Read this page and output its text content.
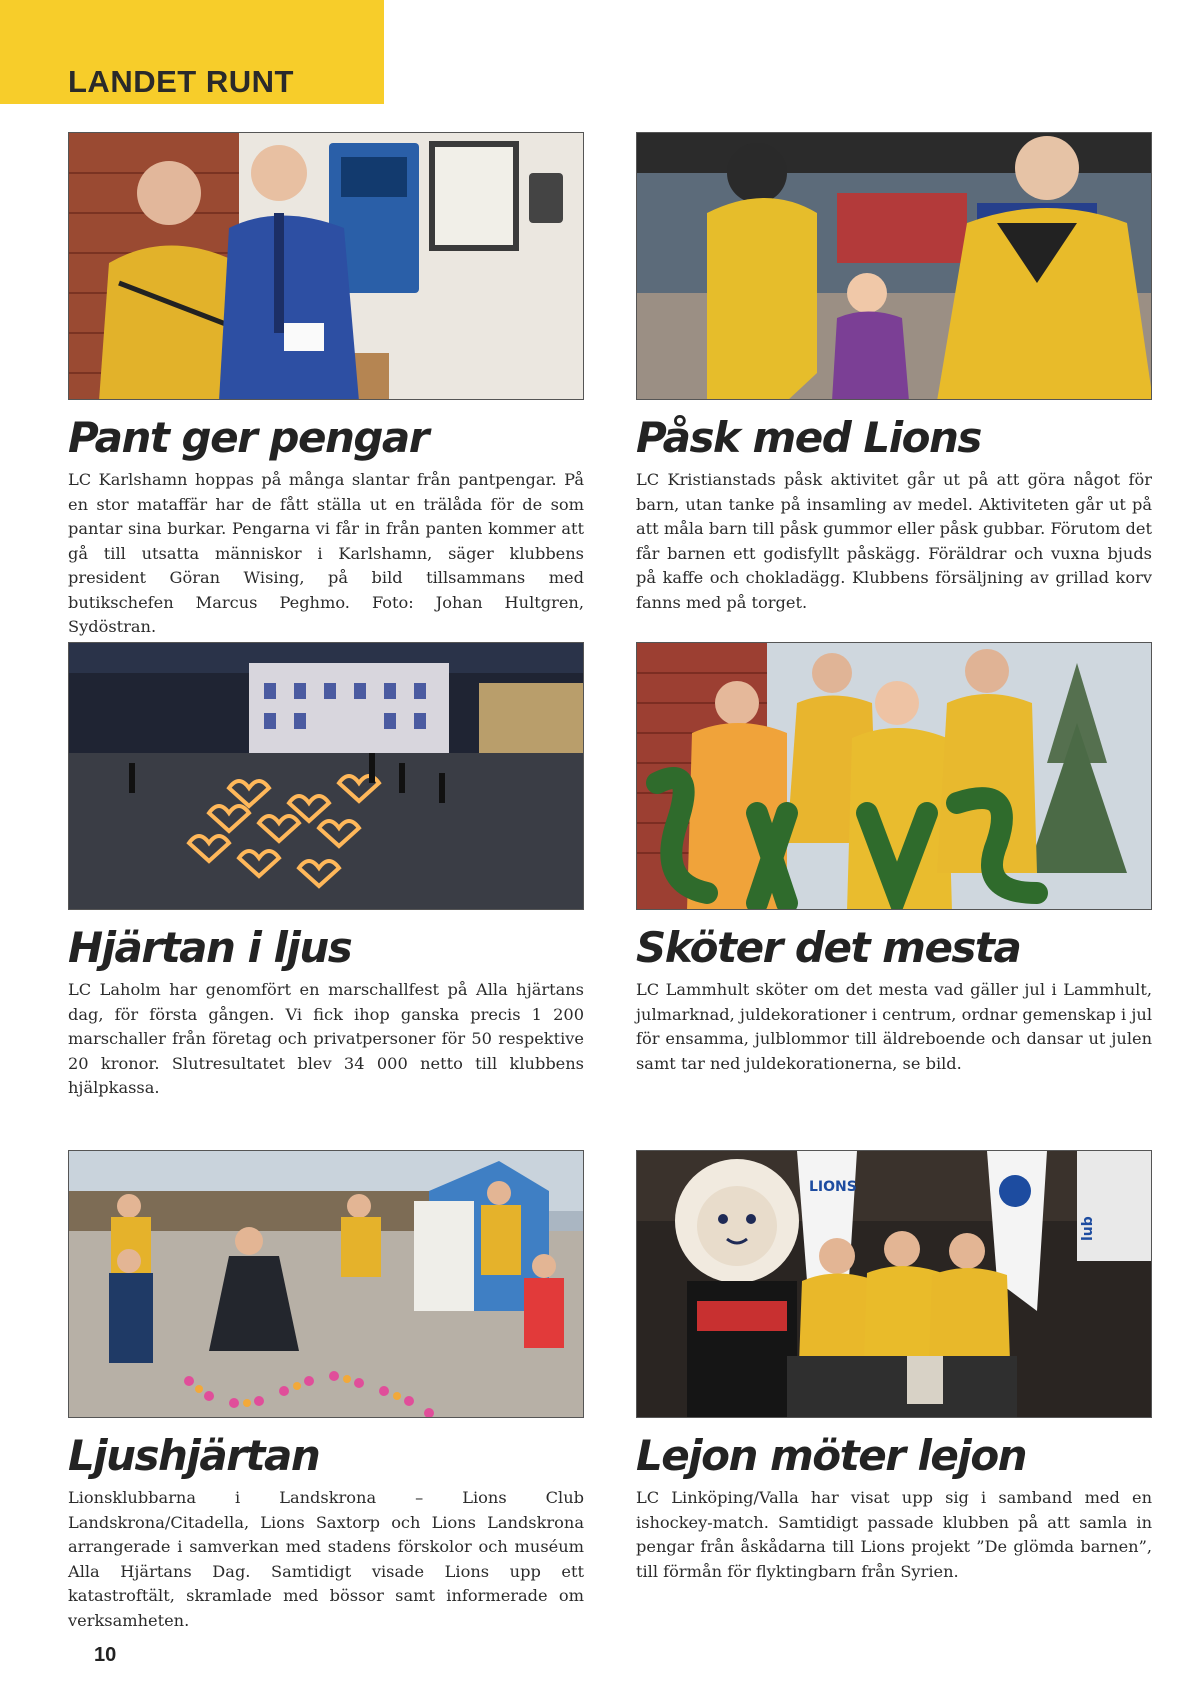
LANDET RUNT
Pant ger pengar

LC Karlshamn hoppas på många slantar från pantpengar. På en stor mataffär har de fått ställa ut en trälåda för de som pantar sina burkar. Pengarna vi får in från panten kommer att gå till utsatta människor i Karlshamn, säger klubbens president Göran Wising, på bild tillsammans med butikschefen Marcus Peghmo. Foto: Johan Hultgren, Sydöstran.

Påsk med Lions

LC Kristianstads påsk aktivitet går ut på att göra något för barn, utan tanke på insamling av medel. Aktiviteten går ut på att måla barn till påsk gummor eller påsk gubbar. Förutom det får barnen ett godisfyllt påskägg. Föräldrar och vuxna bjuds på kaffe och chokladägg. Klubbens försäljning av grillad korv fanns med på torget.

Hjärtan i ljus

LC Laholm har genomfört en marschallfest på Alla hjärtans dag, för första gången. Vi fick ihop ganska precis 1 200 marschaller från företag och privatpersoner för 50 respektive 20 kronor. Slutresultatet blev 34 000 netto till klubbens hjälpkassa.

Sköter det mesta

LC Lammhult sköter om det mesta vad gäller jul i Lammhult, julmarknad, juldekorationer i centrum, ordnar gemenskap i jul för ensamma, julblommor till äldreboende och dansar ut julen samt tar ned juldekorationerna, se bild.

Ljushjärtan

Lionsklubbarna i Landskrona – Lions Club Landskrona/Citadella, Lions Saxtorp och Lions Landskrona arrangerade i samverkan med stadens förskolor och muséum Alla Hjärtans Dag. Samtidigt visade Lions upp ett katastroftält, skramlade med bössor samt informerade om verksamheten.

LIONS
lub
Lejon möter lejon

LC Linköping/Valla har visat upp sig i samband med en ishockey-match. Samtidigt passade klubben på att samla in pengar från åskådarna till Lions projekt ”De glömda barnen”, till förmån för flyktingbarn från Syrien.

10
